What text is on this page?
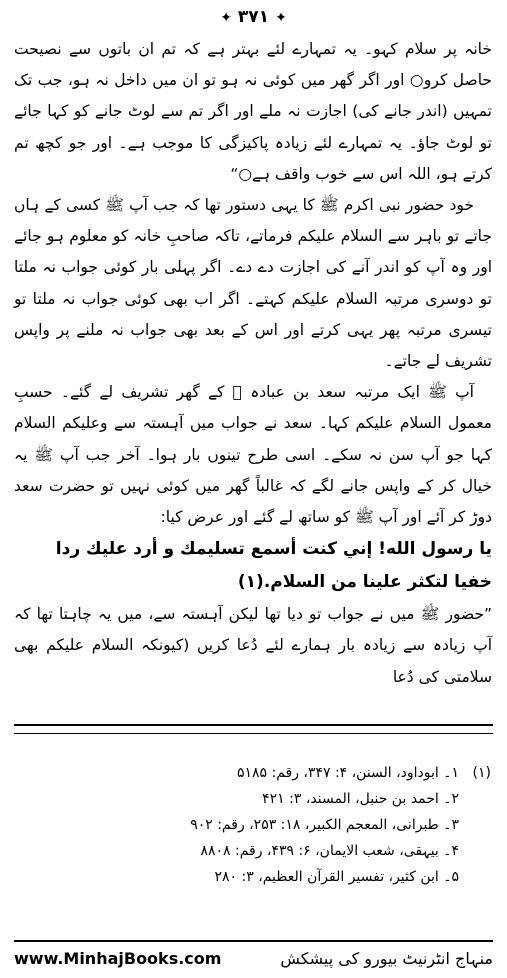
✦ ۳۷۱ ✦

خانہ پر سلام کہو۔ یہ تمہارے لئے بہتر ہے کہ تم ان باتوں سے نصیحت حاصل کرو○ اور اگر گھر میں کوئی نہ ہو تو ان میں داخل نہ ہو، جب تک تمہیں (اندر جانے کی) اجازت نہ ملے اور اگر تم سے لوٹ جانے کو کہا جائے تو لوٹ جاؤ۔ یہ تمہارے لئے زیادہ پاکیزگی کا موجب ہے۔ اور جو کچھ تم کرتے ہو، اللہ اس سے خوب واقف ہے○“

خود حضور نبی اکرم ﷺ کا یہی دستور تھا کہ جب آپ ﷺ کسی کے ہاں جاتے تو باہر سے السلام علیکم فرماتے، تاکہ صاحبِ خانہ کو معلوم ہو جائے اور وہ آپ کو اندر آنے کی اجازت دے دے۔ اگر پہلی بار کوئی جواب نہ ملتا تو دوسری مرتبہ السلام علیکم کہتے۔ اگر اب بھی کوئی جواب نہ ملتا تو تیسری مرتبہ پھر یہی کرتے اور اس کے بعد بھی جواب نہ ملنے پر واپس تشریف لے جاتے۔

آپ ﷺ ایک مرتبہ سعد بن عبادہ ﷜ کے گھر تشریف لے گئے۔ حسبِ معمول السلام علیکم کہا۔ سعد نے جواب میں آہستہ سے وعلیکم السلام کہا جو آپ سن نہ سکے۔ اسی طرح تینوں بار ہوا۔ آخر جب آپ ﷺ یہ خیال کر کے واپس جانے لگے کہ غالباً گھر میں کوئی نہیں تو حضرت سعد دوڑ کر آئے اور آپ ﷺ کو ساتھ لے گئے اور عرض کیا:

يا رسول الله! إني كنت أسمع تسليمك و أرد عليك ردا خفيا لتكثر علينا من السلام.(۱)

”حضور ﷺ میں نے جواب تو دیا تھا لیکن آہستہ سے، میں یہ چاہتا تھا کہ آپ زیادہ سے زیادہ بار ہمارے لئے دُعا کریں (کیونکہ السلام علیکم بھی سلامتی کی دُعا

(۱)
۱۔ ابوداود، السنن، ۴: ۳۴۷، رقم: ۵۱۸۵
۲۔ احمد بن حنبل، المسند، ۳: ۴۲۱
۳۔ طبرانی، المعجم الکبیر، ۱۸: ۲۵۳، رقم: ۹۰۲
۴۔ بیہقی، شعب الایمان، ۶: ۴۳۹، رقم: ۸۸۰۸
۵۔ ابن کثیر، تفسیر القرآن العظیم، ۳: ۲۸۰
www.MinhajBooks.com	منہاج انٹرنیٹ بیورو کی پیشکش
